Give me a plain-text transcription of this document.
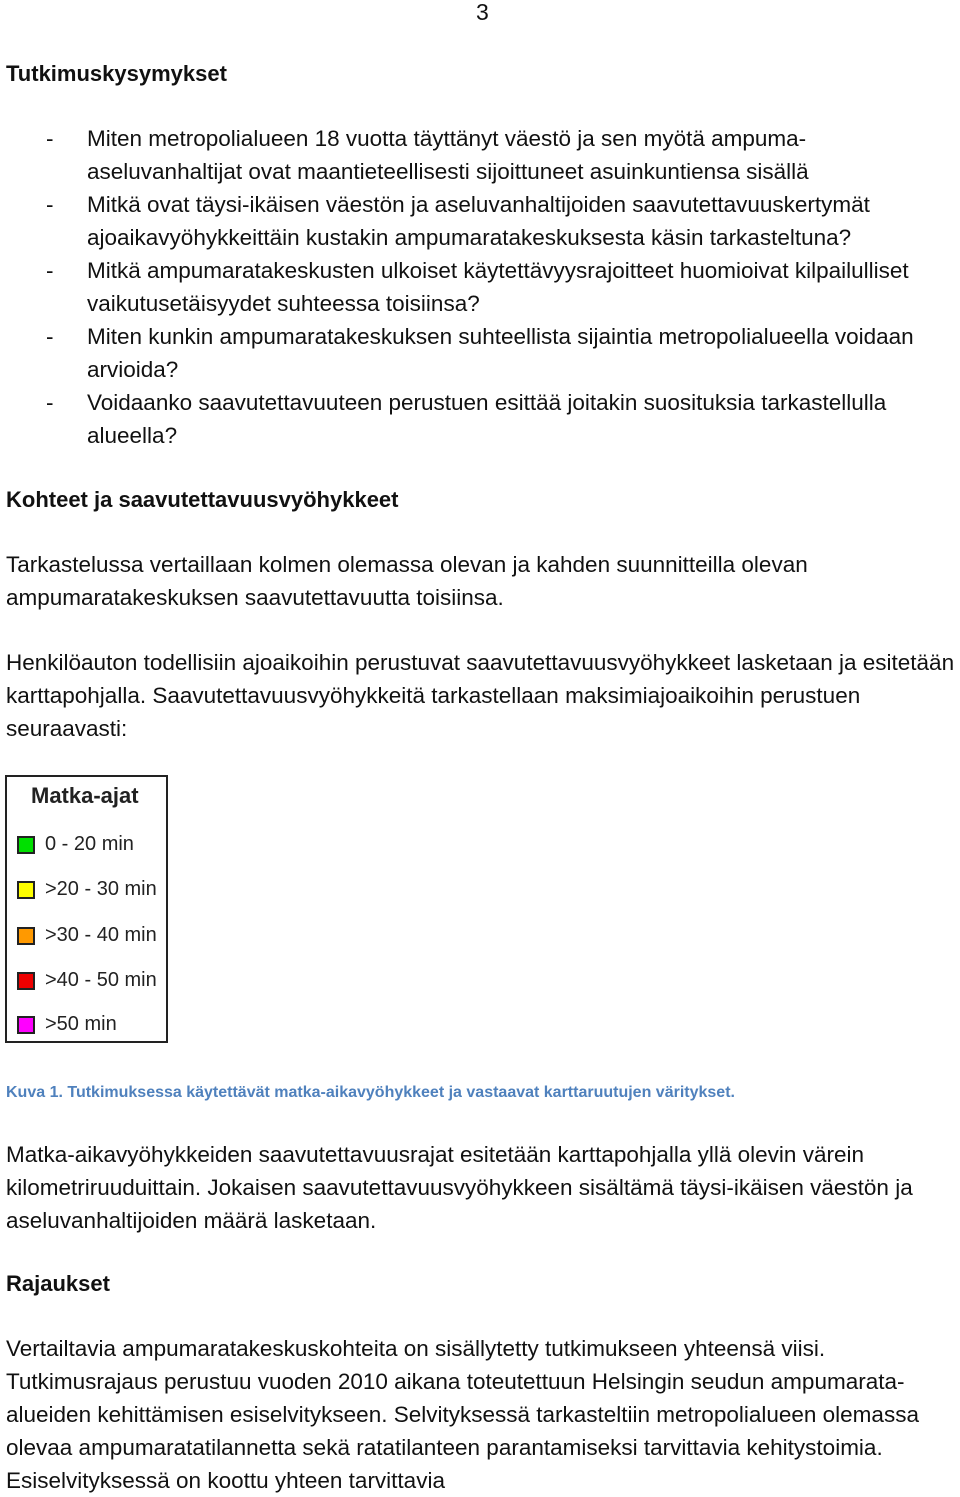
3
Tutkimuskysymykset
- Miten metropolialueen 18 vuotta täyttänyt väestö ja sen myötä ampuma-aseluvanhaltijat ovat maantieteellisesti sijoittuneet asuinkuntiensa sisällä
- Mitkä ovat täysi-ikäisen väestön ja aseluvanhaltijoiden saavutettavuuskertymät ajoaikavyöhykkeittäin kustakin ampumaratakeskuksesta käsin tarkasteltuna?
- Mitkä ampumaratakeskusten ulkoiset käytettävyysrajoitteet huomioivat kilpailulliset vaikutusetäisyydet suhteessa toisiinsa?
- Miten kunkin ampumaratakeskuksen suhteellista sijaintia metropolialueella voidaan arvioida?
- Voidaanko saavutettavuuteen perustuen esittää joitakin suosituksia tarkastellulla alueella?
Kohteet ja saavutettavuusvyöhykkeet

Tarkastelussa vertaillaan kolmen olemassa olevan ja kahden suunnitteilla olevan ampumaratakeskuksen saavutettavuutta toisiinsa.

Henkilöauton todellisiin ajoaikoihin perustuvat saavutettavuusvyöhykkeet lasketaan ja esitetään karttapohjalla. Saavutettavuusvyöhykkeitä tarkastellaan maksimiajoaikoihin perustuen seuraavasti:

Matka-ajat
0 - 20 min
>20 - 30 min
>30 - 40 min
>40 - 50 min
>50 min

Kuva 1. Tutkimuksessa käytettävät matka-aikavyöhykkeet ja vastaavat karttaruutujen väritykset.

Matka-aikavyöhykkeiden saavutettavuusrajat esitetään karttapohjalla yllä olevin värein kilometriruuduittain. Jokaisen saavutettavuusvyöhykkeen sisältämä täysi-ikäisen väestön ja aseluvanhaltijoiden määrä lasketaan.

Rajaukset

Vertailtavia ampumaratakeskuskohteita on sisällytetty tutkimukseen yhteensä viisi. Tutkimusrajaus perustuu vuoden 2010 aikana toteutettuun Helsingin seudun ampumarata-alueiden kehittämisen esiselvitykseen. Selvityksessä tarkasteltiin metropolialueen olemassa olevaa ampumaratatilannetta sekä ratatilanteen parantamiseksi tarvittavia kehitystoimia. Esiselvityksessä on koottu yhteen tarvittavia
